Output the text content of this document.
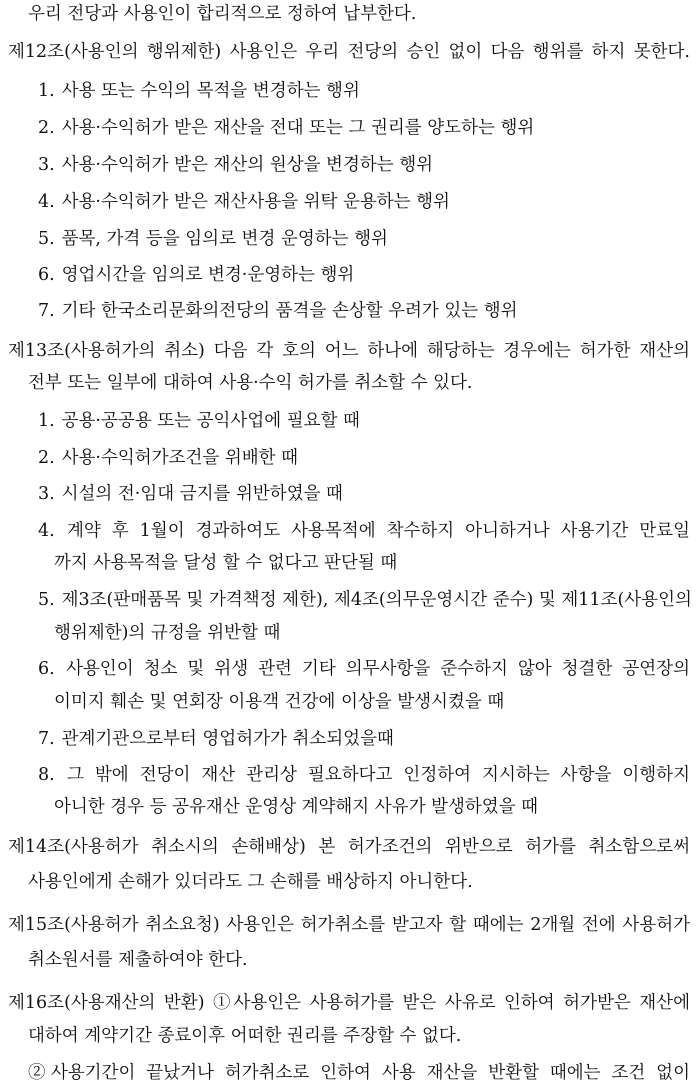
우리 전당과 사용인이 합리적으로 정하여 납부한다.
제12조(사용인의 행위제한) 사용인은 우리 전당의 승인 없이 다음 행위를 하지 못한다.
1. 사용 또는 수익의 목적을 변경하는 행위
2. 사용·수익허가 받은 재산을 전대 또는 그 권리를 양도하는 행위
3. 사용·수익허가 받은 재산의 원상을 변경하는 행위
4. 사용·수익허가 받은 재산사용을 위탁 운용하는 행위
5. 품목, 가격 등을 임의로 변경 운영하는 행위
6. 영업시간을 임의로 변경·운영하는 행위
7. 기타 한국소리문화의전당의 품격을 손상할 우려가 있는 행위
제13조(사용허가의 취소) 다음 각 호의 어느 하나에 해당하는 경우에는 허가한 재산의
전부 또는 일부에 대하여 사용·수익 허가를 취소할 수 있다.
1. 공용·공공용 또는 공익사업에 필요할 때
2. 사용·수익허가조건을 위배한 때
3. 시설의 전·임대 금지를 위반하였을 때
4. 계약 후 1월이 경과하여도 사용목적에 착수하지 아니하거나 사용기간 만료일
까지 사용목적을 달성 할 수 없다고 판단될 때
5. 제3조(판매품목 및 가격책정 제한), 제4조(의무운영시간 준수) 및 제11조(사용인의
행위제한)의 규정을 위반할 때
6. 사용인이 청소 및 위생 관련 기타 의무사항을 준수하지 않아 청결한 공연장의
이미지 훼손 및 연회장 이용객 건강에 이상을 발생시켰을 때
7. 관계기관으로부터 영업허가가 취소되었을때
8. 그 밖에 전당이 재산 관리상 필요하다고 인정하여 지시하는 사항을 이행하지
아니한 경우 등 공유재산 운영상 계약해지 사유가 발생하였을 때
제14조(사용허가 취소시의 손해배상) 본 허가조건의 위반으로 허가를 취소함으로써
사용인에게 손해가 있더라도 그 손해를 배상하지 아니한다.
제15조(사용허가 취소요청) 사용인은 허가취소를 받고자 할 때에는 2개월 전에 사용허가
취소원서를 제출하여야 한다.
제16조(사용재산의 반환) ①사용인은 사용허가를 받은 사유로 인하여 허가받은 재산에
대하여 계약기간 종료이후 어떠한 권리를 주장할 수 없다.
②사용기간이 끝났거나 허가취소로 인하여 사용 재산을 반환할 때에는 조건 없이
